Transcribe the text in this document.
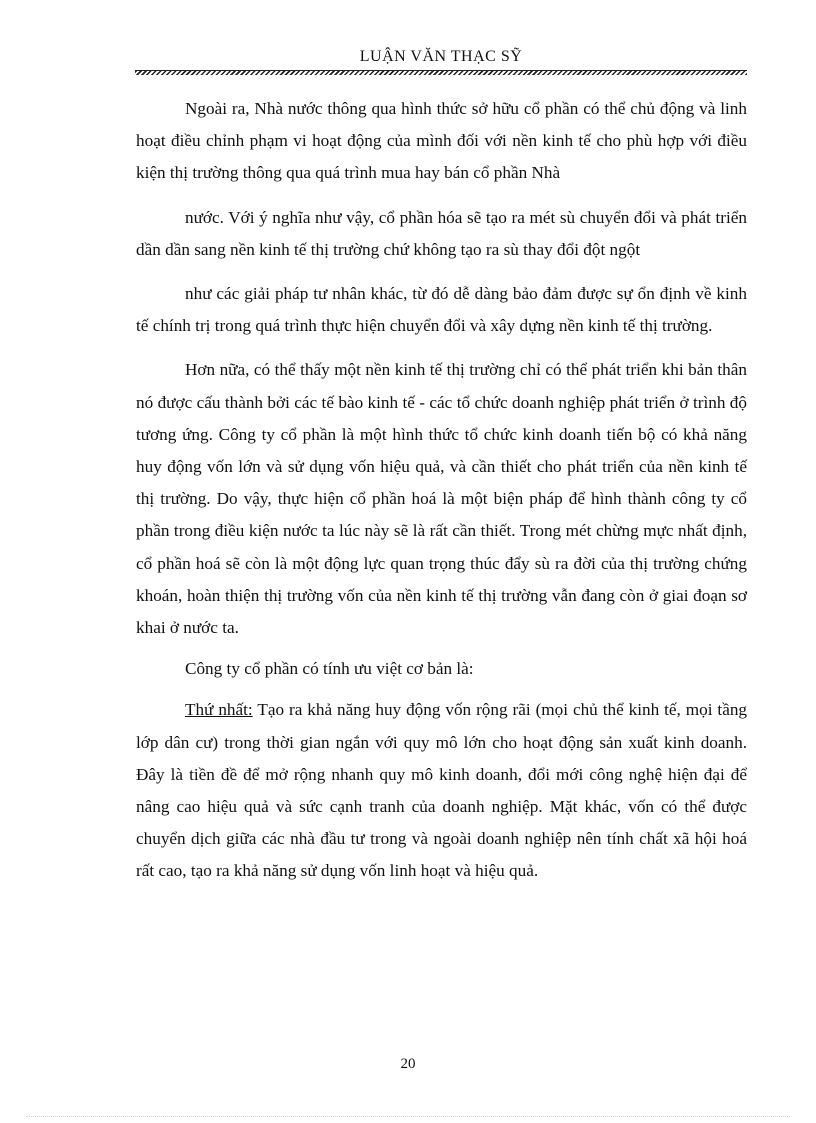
LUẬN VĂN THẠC SỸ

Ngoài ra, Nhà nước thông qua hình thức sở hữu cổ phần có thể chủ động và linh hoạt điều chỉnh phạm vi hoạt động của mình đối với nền kinh tế cho phù hợp với điều kiện thị trường thông qua quá trình mua hay bán cổ phần Nhà

nước. Với ý nghĩa như vậy, cổ phần hóa sẽ tạo ra mét sù chuyển đổi và phát triển dần dần sang nền kinh tế thị trường chứ không tạo ra sù thay đổi đột ngột

như các giải pháp tư nhân khác, từ đó dễ dàng bảo đảm được sự ổn định về kinh tế chính trị trong quá trình thực hiện chuyển đổi và xây dựng nền kinh tế thị trường.

Hơn nữa, có thể thấy một nền kinh tế thị trường chỉ có thể phát triển khi bản thân nó được cấu thành bởi các tế bào kinh tế - các tổ chức doanh nghiệp phát triển ở trình độ tương ứng. Công ty cổ phần là một hình thức tổ chức kinh doanh tiến bộ có khả năng huy động vốn lớn và sử dụng vốn hiệu quả, và cần thiết cho phát triển của nền kinh tế thị trường. Do vậy, thực hiện cổ phần hoá là một biện pháp để hình thành công ty cổ phần trong điều kiện nước ta lúc này sẽ là rất cần thiết. Trong mét chừng mực nhất định, cổ phần hoá sẽ còn là một động lực quan trọng thúc đẩy sù ra đời của thị trường chứng khoán, hoàn thiện thị trường vốn của nền kinh tế thị trường vẫn đang còn ở giai đoạn sơ khai ở nước ta.

Công ty cổ phần có tính ưu việt cơ bản là:

Thứ nhất: Tạo ra khả năng huy động vốn rộng rãi (mọi chủ thể kinh tế, mọi tầng lớp dân cư) trong thời gian ngắn với quy mô lớn cho hoạt động sản xuất kinh doanh. Đây là tiền đề để mở rộng nhanh quy mô kinh doanh, đổi mới công nghệ hiện đại để nâng cao hiệu quả và sức cạnh tranh của doanh nghiệp. Mặt khác, vốn có thể được chuyển dịch giữa các nhà đầu tư trong và ngoài doanh nghiệp nên tính chất xã hội hoá rất cao, tạo ra khả năng sử dụng vốn linh hoạt và hiệu quả.

20
